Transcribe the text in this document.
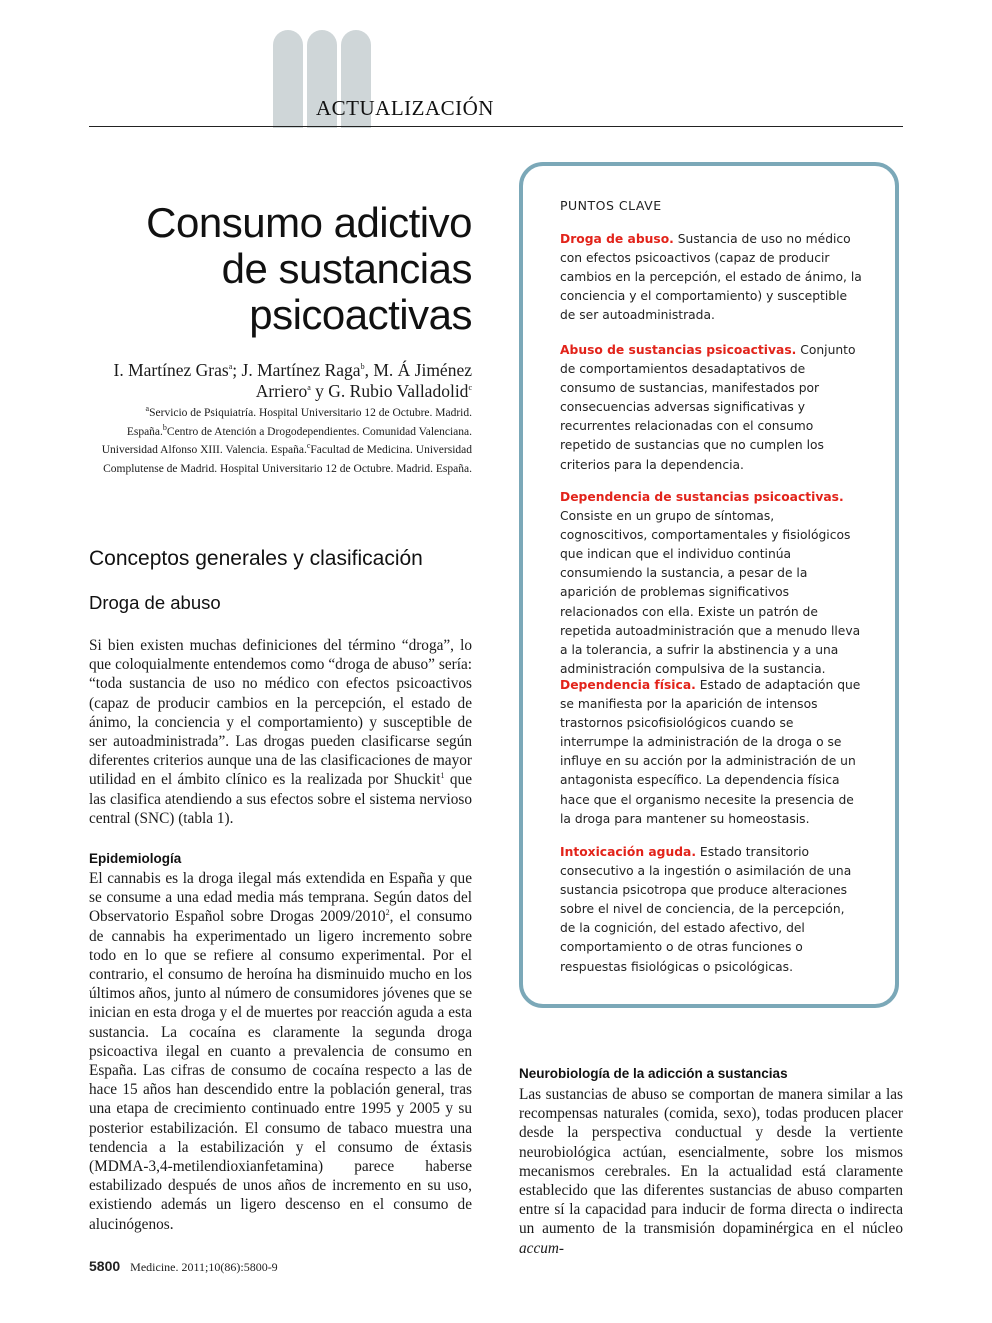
ACTUALIZACIÓN
Consumo adictivo
de sustancias
psicoactivas
I. Martínez Gras$^a$; J. Martínez Raga$^b$, M. Á Jiménez Arriero$^a$ y G. Rubio Valladolid$^c$
$^a$Servicio de Psiquiatría. Hospital Universitario 12 de Octubre. Madrid. España.$^b$Centro de Atención a Drogodependientes. Comunidad Valenciana. Universidad Alfonso XIII. Valencia. España.$^c$Facultad de Medicina. Universidad Complutense de Madrid. Hospital Universitario 12 de Octubre. Madrid. España.
Conceptos generales y clasificación
Droga de abuso
Si bien existen muchas definiciones del término “droga”, lo que coloquialmente entendemos como “droga de abuso” sería: “toda sustancia de uso no médico con efectos psicoactivos (capaz de producir cambios en la percepción, el estado de ánimo, la conciencia y el comportamiento) y susceptible de ser autoadministrada”. Las drogas pueden clasificarse según diferentes criterios aunque una de las clasificaciones de mayor utilidad en el ámbito clínico es la realizada por Shuckit$^1$ que las clasifica atendiendo a sus efectos sobre el sistema nervioso central (SNC) (tabla 1).
Epidemiología
El cannabis es la droga ilegal más extendida en España y que se consume a una edad media más temprana. Según datos del Observatorio Español sobre Drogas 2009/2010$^2$, el consumo de cannabis ha experimentado un ligero incremento sobre todo en lo que se refiere al consumo experimental. Por el contrario, el consumo de heroína ha disminuido mucho en los últimos años, junto al número de consumidores jóvenes que se inician en esta droga y el de muertes por reacción aguda a esta sustancia. La cocaína es claramente la segunda droga psicoactiva ilegal en cuanto a prevalencia de consumo en España. Las cifras de consumo de cocaína respecto a las de hace 15 años han descendido entre la población general, tras una etapa de crecimiento continuado entre 1995 y 2005 y su posterior estabilización. El consumo de tabaco muestra una tendencia a la estabilización y el consumo de éxtasis (MDMA-3,4-metilendioxianfetamina) parece haberse estabilizado después de unos años de incremento en su uso, existiendo además un ligero descenso en el consumo de alucinógenos.
PUNTOS CLAVE
Droga de abuso. Sustancia de uso no médico con efectos psicoactivos (capaz de producir cambios en la percepción, el estado de ánimo, la conciencia y el comportamiento) y susceptible de ser autoadministrada.
Abuso de sustancias psicoactivas. Conjunto de comportamientos desadaptativos de consumo de sustancias, manifestados por consecuencias adversas significativas y recurrentes relacionadas con el consumo repetido de sustancias que no cumplen los criterios para la dependencia.
Dependencia de sustancias psicoactivas. Consiste en un grupo de síntomas, cognoscitivos, comportamentales y fisiológicos que indican que el individuo continúa consumiendo la sustancia, a pesar de la aparición de problemas significativos relacionados con ella. Existe un patrón de repetida autoadministración que a menudo lleva a la tolerancia, a sufrir la abstinencia y a una administración compulsiva de la sustancia.
Dependencia física. Estado de adaptación que se manifiesta por la aparición de intensos trastornos psicofisiológicos cuando se interrumpe la administración de la droga o se influye en su acción por la administración de un antagonista específico. La dependencia física hace que el organismo necesite la presencia de la droga para mantener su homeostasis.
Intoxicación aguda. Estado transitorio consecutivo a la ingestión o asimilación de una sustancia psicotropa que produce alteraciones sobre el nivel de conciencia, de la percepción, de la cognición, del estado afectivo, del comportamiento o de otras funciones o respuestas fisiológicas o psicológicas.
Neurobiología de la adicción a sustancias
Las sustancias de abuso se comportan de manera similar a las recompensas naturales (comida, sexo), todas producen placer desde la perspectiva conductual y desde la vertiente neurobiológica actúan, esencialmente, sobre los mismos mecanismos cerebrales. En la actualidad está claramente establecido que las diferentes sustancias de abuso comparten entre sí la capacidad para inducir de forma directa o indirecta un aumento de la transmisión dopaminérgica en el núcleo accum-
5800 Medicine. 2011;10(86):5800-9
